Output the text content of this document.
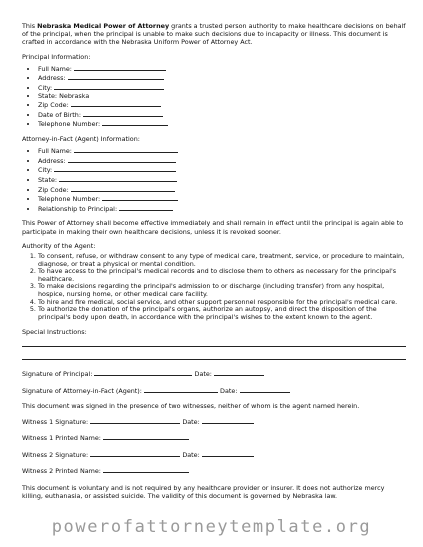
This Nebraska Medical Power of Attorney grants a trusted person authority to make healthcare decisions on behalf of the principal, when the principal is unable to make such decisions due to incapacity or illness. This document is crafted in accordance with the Nebraska Uniform Power of Attorney Act.

Principal Information:

• Full Name:
• Address:
• City:
• State: Nebraska
• Zip Code:
• Date of Birth:
• Telephone Number:

Attorney-in-Fact (Agent) Information:

• Full Name:
• Address:
• City:
• State:
• Zip Code:
• Telephone Number:
• Relationship to Principal:

This Power of Attorney shall become effective immediately and shall remain in effect until the principal is again able to participate in making their own healthcare decisions, unless it is revoked sooner.

Authority of the Agent:

1. To consent, refuse, or withdraw consent to any type of medical care, treatment, service, or procedure to maintain, diagnose, or treat a physical or mental condition.
2. To have access to the principal's medical records and to disclose them to others as necessary for the principal's healthcare.
3. To make decisions regarding the principal's admission to or discharge (including transfer) from any hospital, hospice, nursing home, or other medical care facility.
4. To hire and fire medical, social service, and other support personnel responsible for the principal's medical care.
5. To authorize the donation of the principal's organs, authorize an autopsy, and direct the disposition of the principal's body upon death, in accordance with the principal's wishes to the extent known to the agent.

Special Instructions:

Signature of Principal:	Date:

Signature of Attorney-in-Fact (Agent):	Date:

This document was signed in the presence of two witnesses, neither of whom is the agent named herein.

Witness 1 Signature:	Date:

Witness 1 Printed Name:

Witness 2 Signature:	Date:

Witness 2 Printed Name:

This document is voluntary and is not required by any healthcare provider or insurer. It does not authorize mercy killing, euthanasia, or assisted suicide. The validity of this document is governed by Nebraska law.

powerofattorneytemplate.org
